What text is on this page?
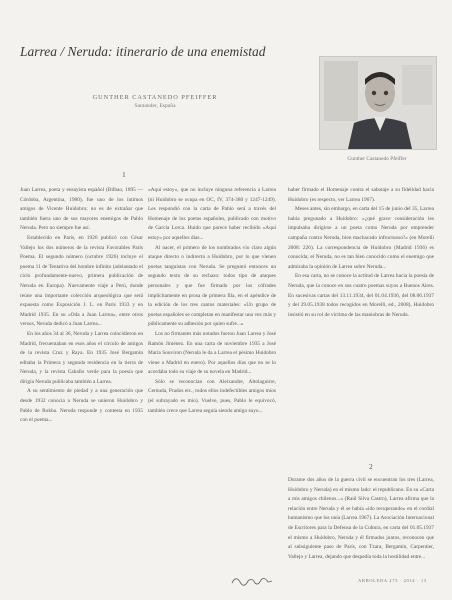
Larrea / Neruda: itinerario de una enemistad
GUNTHER CASTANEDO PFEIFFER
Santander, España
Gunther Castanedo Pfeiffer
1

Juan Larrea, poeta y ensayista español (Bilbao, 1895 — Córdoba, Argentina, 1980), fue uno de los íntimos amigos de Vicente Huidobro; no es de extrañar que también fuera uno de sus mayores enemigos de Pablo Neruda. Pero no siempre fue así.

Establecido en París, en 1926 publicó con César Vallejo los dos números de la revista Favorables París Poema. El segundo número (octubre 1926) incluye el poema 11 de Tentativa del hombre infinito (adelantado el ciclo profundamente-nuevo, primera publicación de Neruda en Europa). Nuevamente viaje a Perú, donde reúne una importante colección arqueológica que será expuesta como Exposición J. L. en París 1933 y en Madrid 1935. En su «Oda a Juan Larrea», entre otros versos, Neruda dedicó a Juan Larrea...

En los años 34 al 36, Neruda y Larrea coincidieron en Madrid, frecuentaban en esos años el círculo de amigos de la revista Cruz y Raya. En 1935 José Bergamín editaba la Primera y segunda residencia en la tierra de Neruda, y la revista Caballo verde para la poesía que dirigía Neruda publicaba también a Larrea.

A su sentimiento de piedad y a una generación que desde 1932 conocía a Neruda se unieron Huidobro y Pablo de Rokha. Neruda responde y contesta en 1935 con el poema...

«Aquí estoy», que no incluye ninguna referencia a Larrea (ni Huidobro se ocupa en OC, IV, 374-380 y 1247-1249). Les respondió con la carta de Pablo será a través del Homenaje de los poetas españoles, publicado con motivo de García Lorca. Huido que parece haber recibido «Aquí estoy» por aquellos días...

Al nacer, el primero de los nombrados vio claro algún ataque directo o indirecto a Huidobro, por lo que vienen poetas tanguistas con Neruda. Se preguntó entonces un segundo texto de su rechazo: todos tipo de ataques personales y que fue firmado por los cófrades implícitamente en prosa de primera fila, en el apéndice de la edición de los tres cantos materiales: «Un grupo de poetas españoles se completan en manifestar una vez más y públicamente su adhesión por quien sufre...»

Los no firmantes más notados fueron Juan Larrea y José Ramón Jiménez. En una carta de noviembre 1935 a José María Souviron (Neruda le da a Larrea el pésimo Huidobro viene a Madrid en enero). Por aquellos días que no se lo acordaba todo su viaje de su novela en Madrid...

Sólo se reconocían con Aleixandre, Altolaguirre, Cernuda, Prados etc., todos ellos indefectibles amigos míos (el subrayado es mío). Vuelve, pues, Pablo le equivocó, también crece que Larrea seguía siendo amigo suyo...

haber firmado el Homenaje contra el sabotaje a su fidelidad hacia Huidobro (es respecto, ver Larrea 1967).

Meses antes, sin embargo, en carta del 15 de junio del 35, Larrea había pregunado a Huidobro: «¿qué grave consideración les impulsaba dirigirse a un poeta como Neruda por emprender campaña contra Neruda, bien machacado infructuoso?» (en Morelli 2008: 226). La correspondencia de Huidobro (Madrid 1936) es conocida; el Neruda, no es tan bien conocido como el enemigo que admiraba la opinión de Larrea sobre Neruda...

En esa carta, no se conoce la actitud de Larrea hacia la poesía de Neruda, que la conoce en sus cuatro poemas suyos a Buenos Aires. En sucesivas cartas del 13.11.1934, del 01.04.1936, del 08.06.1937 y del 29.05.1938 todos recogidos en Morelli, ed., 2008), Huidobro insistió en su rol de víctima de las maniobras de Neruda.

2

Durante dos años de la guerra civil se encuentran los tres (Larrea, Huidobro y Neruda) en el mismo lado: el republicano. En su «Carta a mis amigos chilenos...» (Raúl Silva Castro), Larrea afirma que la relación entre Neruda y él se había «ido recuperando» en el cordial humanismo que los unía (Larrea 1967). La Asociación Internacional de Escritores para la Defensa de la Cultura, en carta del 01.05.1937 el mismo a Huidobro, Neruda y él firmados juntos, reconocen que al subsiguiente paso de París, con Tzara, Bergamín, Carpentier, Vallejo y Larrea, dejando que despedía toda la hostilidad entre...

ARBOLEDA 273 · 2014 · 13
